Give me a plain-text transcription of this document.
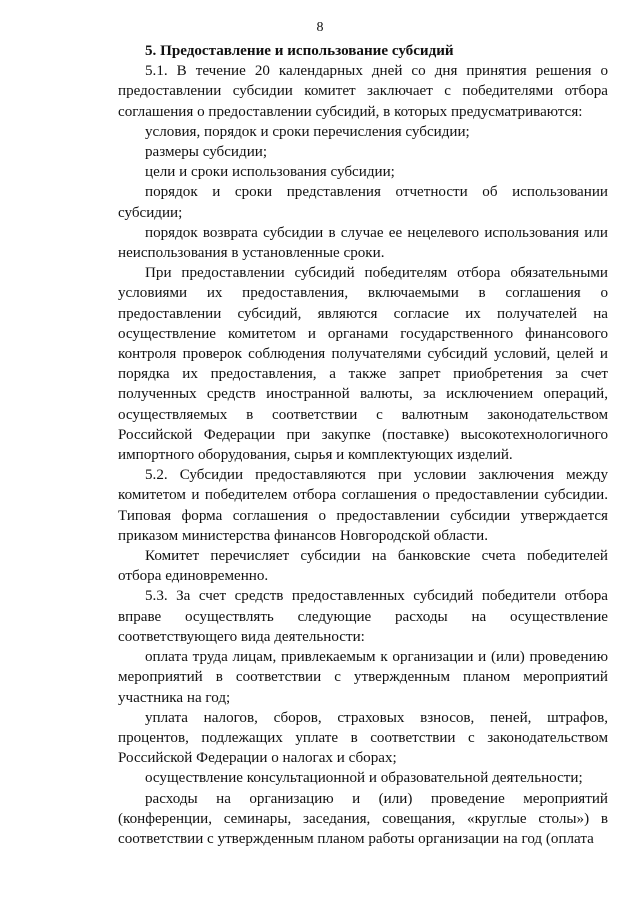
8

5. Предоставление и использование субсидий

5.1. В течение 20 календарных дней со дня принятия решения о предоставлении субсидии комитет заключает с победителями отбора соглашения о предоставлении субсидий, в которых предусматриваются:

условия, порядок и сроки перечисления субсидии;

размеры субсидии;

цели и сроки использования субсидии;

порядок и сроки представления отчетности об использовании субсидии;

порядок возврата субсидии в случае ее нецелевого использования или неиспользования в установленные сроки.

При предоставлении субсидий победителям отбора обязательными условиями их предоставления, включаемыми в соглашения о предоставлении субсидий, являются согласие их получателей на осуществление комитетом и органами государственного финансового контроля проверок соблюдения получателями субсидий условий, целей и порядка их предоставления, а также запрет приобретения за счет полученных средств иностранной валюты, за исключением операций, осуществляемых в соответствии с валютным законодательством Российской Федерации при закупке (поставке) высокотехнологичного импортного оборудования, сырья и комплектующих изделий.

5.2. Субсидии предоставляются при условии заключения между комитетом и победителем отбора соглашения о предоставлении субсидии. Типовая форма соглашения о предоставлении субсидии утверждается приказом министерства финансов Новгородской области.

Комитет перечисляет субсидии на банковские счета победителей отбора единовременно.

5.3. За счет средств предоставленных субсидий победители отбора вправе осуществлять следующие расходы на осуществление соответствующего вида деятельности:

оплата труда лицам, привлекаемым к организации и (или) проведению мероприятий в соответствии с утвержденным планом мероприятий участника на год;

уплата налогов, сборов, страховых взносов, пеней, штрафов, процентов, подлежащих уплате в соответствии с законодательством Российской Федерации о налогах и сборах;

осуществление консультационной и образовательной деятельности;

расходы на организацию и (или) проведение мероприятий (конференции, семинары, заседания, совещания, «круглые столы») в соответствии с утвержденным планом работы организации на год (оплата
